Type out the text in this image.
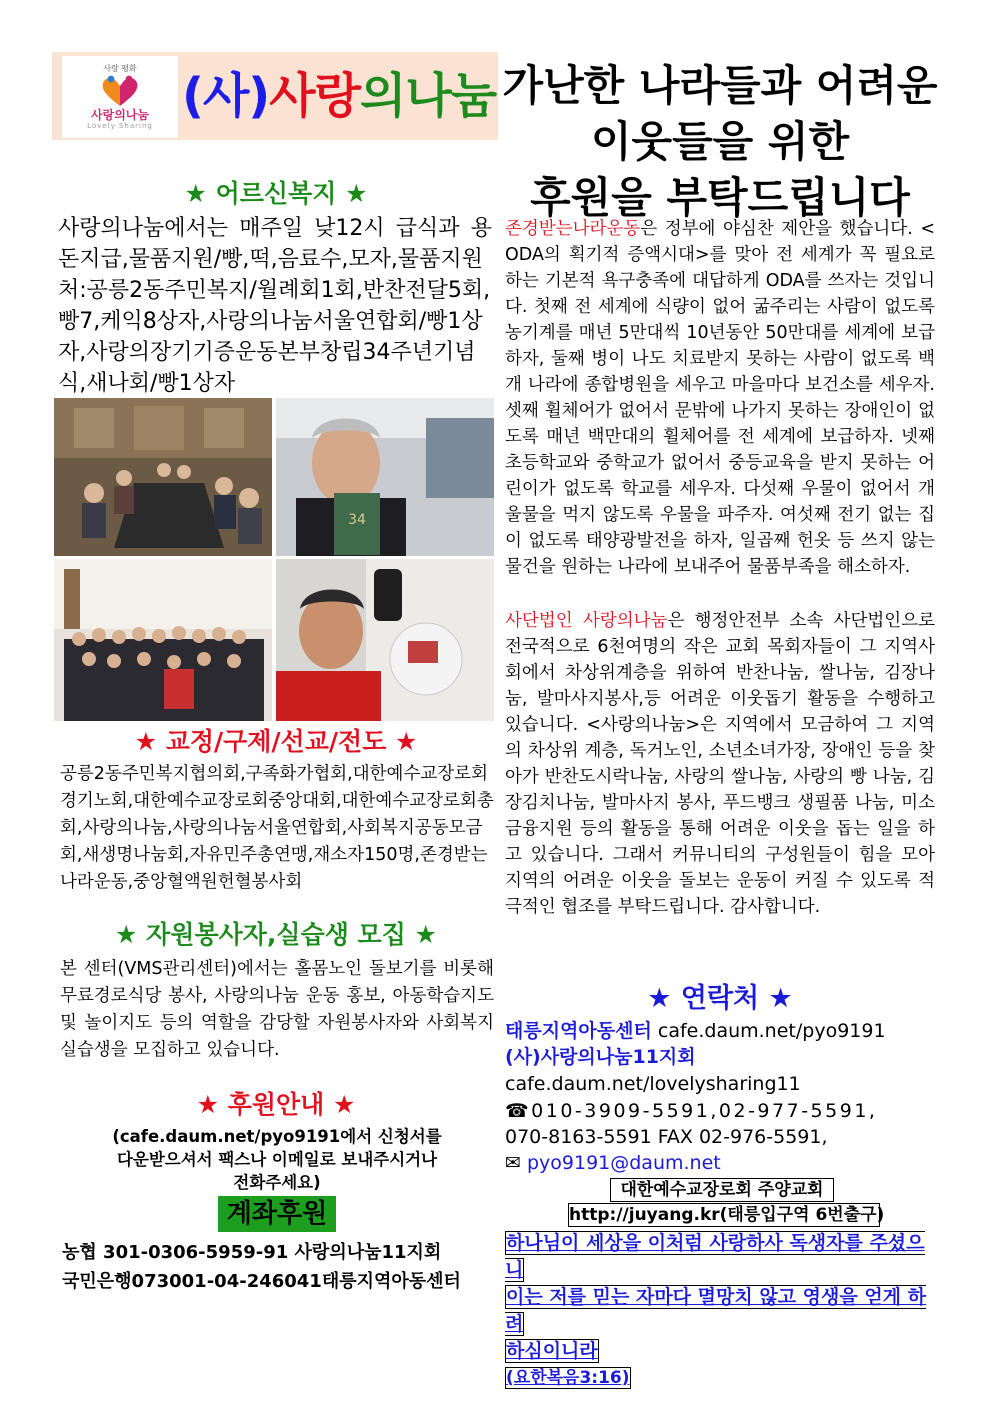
사랑 평화
사랑의나눔
Lovely Sharing
(사)사랑의나눔 가난한 나라들과 어려운
이웃들을 위한
후원을 부탁드립니다
★ 어르신복지 ★
사랑의나눔에서는 매주일 낮12시 급식과 용돈지급,물품지원/빵,떡,음료수,모자,물품지원처:공릉2동주민복지/월례회1회,반찬전달5회,빵7,케익8상자,사랑의나눔서울연합회/빵1상자,사랑의장기기증운동본부창립34주년기념식,새나회/빵1상자
34
★ 교정/구제/선교/전도 ★
공릉2동주민복지협의회,구족화가협회,대한예수교장로회경기노회,대한예수교장로회중앙대회,대한예수교장로회총회,사랑의나눔,사랑의나눔서울연합회,사회복지공동모금회,새생명나눔회,자유민주총연맹,재소자150명,존경받는나라운동,중앙혈액원헌혈봉사회
★ 자원봉사자,실습생 모집 ★
본 센터(VMS관리센터)에서는 홀몸노인 돌보기를 비롯해 무료경로식당 봉사, 사랑의나눔 운동 홍보, 아동학습지도 및 놀이지도 등의 역할을 감당할 자원봉사자와 사회복지실습생을 모집하고 있습니다.
★ 후원안내 ★
(cafe.daum.net/pyo9191에서 신청서를
다운받으셔서 팩스나 이메일로 보내주시거나
전화주세요)
계좌후원
농협 301-0306-5959-91 사랑의나눔11지회
국민은행073001-04-246041태릉지역아동센터
존경받는나라운동은 정부에 야심찬 제안을 했습니다. <ODA의 획기적 증액시대>를 맞아 전 세계가 꼭 필요로 하는 기본적 욕구충족에 대답하게 ODA를 쓰자는 것입니다. 첫째 전 세계에 식량이 없어 굶주리는 사람이 없도록 농기계를 매년 5만대씩 10년동안 50만대를 세계에 보급하자, 둘째 병이 나도 치료받지 못하는 사람이 없도록 백개 나라에 종합병원을 세우고 마을마다 보건소를 세우자. 셋째 휠체어가 없어서 문밖에 나가지 못하는 장애인이 없도록 매년 백만대의 휠체어를 전 세계에 보급하자. 넷째 초등학교와 중학교가 없어서 중등교육을 받지 못하는 어린이가 없도록 학교를 세우자. 다섯째 우물이 없어서 개울물을 먹지 않도록 우물을 파주자. 여섯째 전기 없는 집이 없도록 태양광발전을 하자, 일곱째 헌옷 등 쓰지 않는 물건을 원하는 나라에 보내주어 물품부족을 해소하자.
사단법인 사랑의나눔은 행정안전부 소속 사단법인으로 전국적으로 6천여명의 작은 교회 목회자들이 그 지역사회에서 차상위계층을 위하여 반찬나눔, 쌀나눔, 김장나눔, 발마사지봉사,등 어려운 이웃돕기 활동을 수행하고 있습니다. <사랑의나눔>은 지역에서 모금하여 그 지역의 차상위 계층, 독거노인, 소년소녀가장, 장애인 등을 찾아가 반찬도시락나눔, 사랑의 쌀나눔, 사랑의 빵 나눔, 김장김치나눔, 발마사지 봉사, 푸드뱅크 생필품 나눔, 미소금융지원 등의 활동을 통해 어려운 이웃을 돕는 일을 하고 있습니다. 그래서 커뮤니티의 구성원들이 힘을 모아 지역의 어려운 이웃을 돌보는 운동이 커질 수 있도록 적극적인 협조를 부탁드립니다. 감사합니다.
★ 연락처 ★
태릉지역아동센터 cafe.daum.net/pyo9191
(사)사랑의나눔11지회
cafe.daum.net/lovelysharing11
☎010-3909-5591,02-977-5591,
070-8163-5591 FAX 02-976-5591,
✉ pyo9191@daum.net
대한예수교장로회 주양교회
http://juyang.kr(태릉입구역 6번출구)
하나님이 세상을 이처럼 사랑하사 독생자를 주셨으니
이는 저를 믿는 자마다 멸망치 않고 영생을 얻게 하려
하심이니라
(요한복음3:16)
